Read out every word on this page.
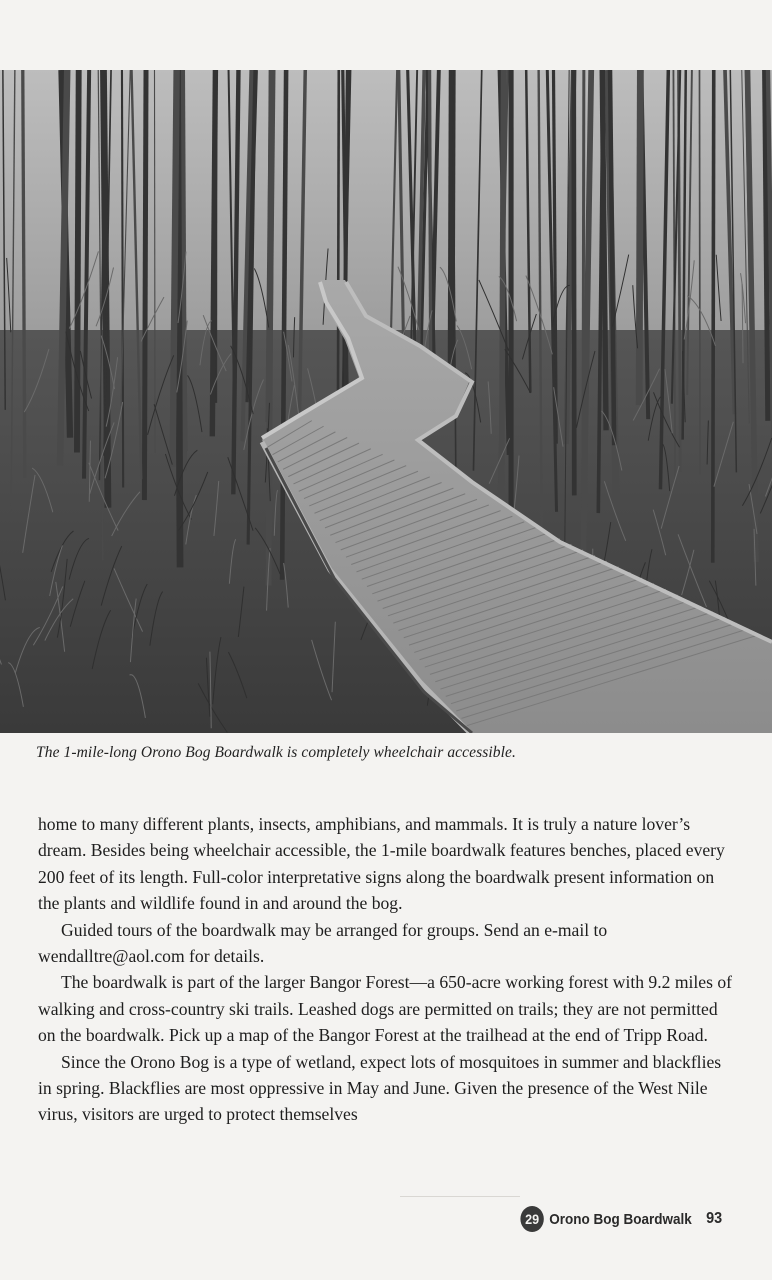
The 1-mile-long Orono Bog Boardwalk is completely wheelchair accessible.

home to many different plants, insects, amphibians, and mammals. It is truly a nature lover’s dream. Besides being wheelchair accessible, the 1-mile boardwalk features benches, placed every 200 feet of its length. Full-color interpretative signs along the boardwalk present information on the plants and wildlife found in and around the bog.

Guided tours of the boardwalk may be arranged for groups. Send an e-mail to wendalltre@aol.com for details.

The boardwalk is part of the larger Bangor Forest—a 650-acre working forest with 9.2 miles of walking and cross-country ski trails. Leashed dogs are permitted on trails; they are not permitted on the boardwalk. Pick up a map of the Bangor Forest at the trailhead at the end of Tripp Road.

Since the Orono Bog is a type of wetland, expect lots of mosquitoes in summer and blackflies in spring. Blackflies are most oppressive in May and June. Given the presence of the West Nile virus, visitors are urged to protect themselves

29 Orono Bog Boardwalk 93
